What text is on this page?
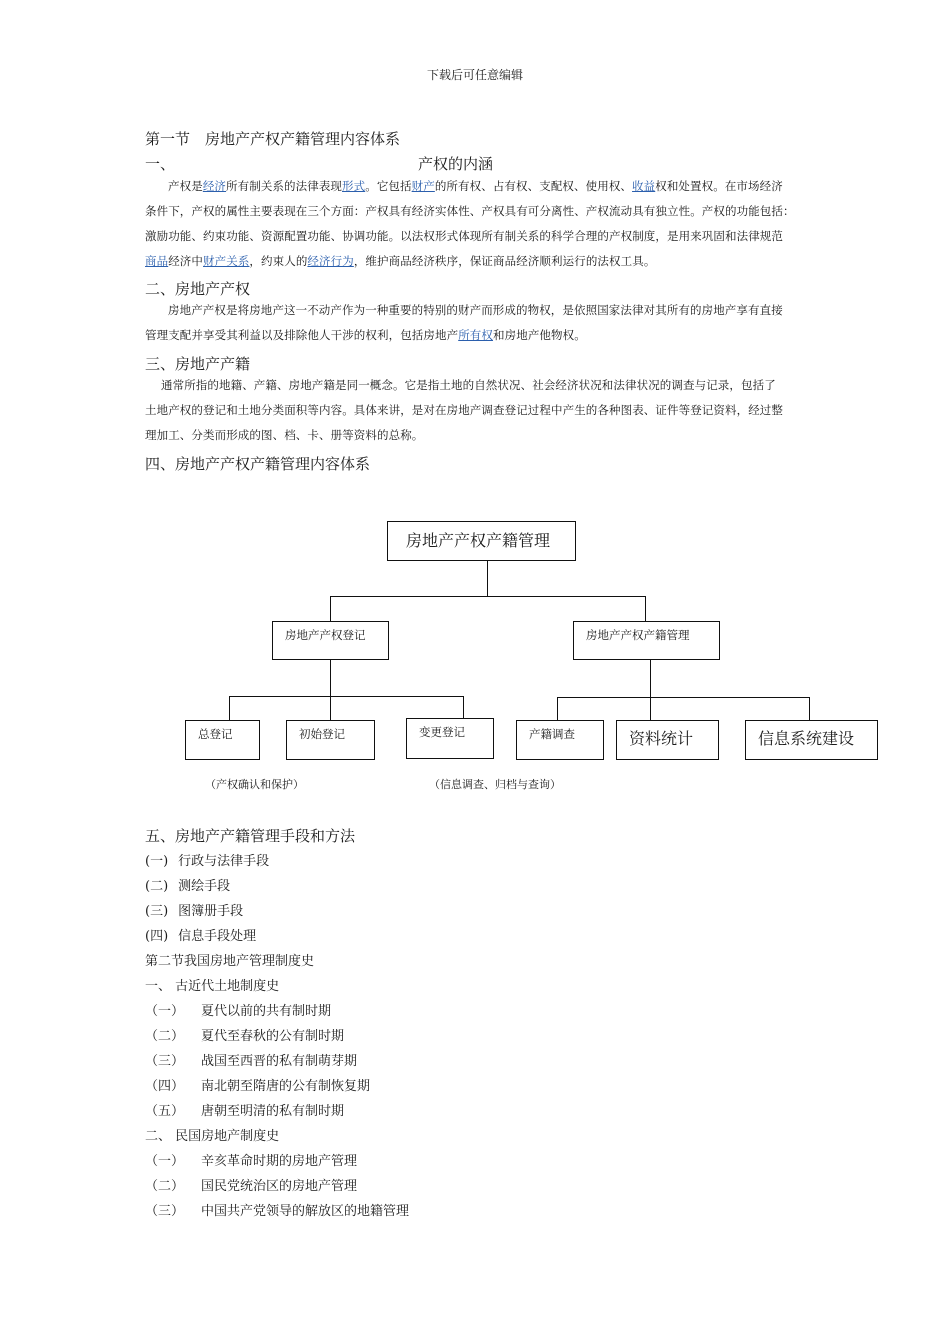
下载后可任意编辑
第一节　房地产产权产籍管理内容体系
一、	产权的内涵
产权是经济所有制关系的法律表现形式。它包括财产的所有权、占有权、支配权、使用权、收益权和处置权。在市场经济
条件下，产权的属性主要表现在三个方面：产权具有经济实体性、产权具有可分离性、产权流动具有独立性。产权的功能包括：
激励功能、约束功能、资源配置功能、协调功能。以法权形式体现所有制关系的科学合理的产权制度，是用来巩固和法律规范
商品经济中财产关系，约束人的经济行为，维护商品经济秩序，保证商品经济顺利运行的法权工具。
二、房地产产权
房地产产权是将房地产这一不动产作为一种重要的特别的财产而形成的物权，是依照国家法律对其所有的房地产享有直接
管理支配并享受其利益以及排除他人干涉的权利，包括房地产所有权和房地产他物权。
三、房地产产籍
通常所指的地籍、产籍、房地产籍是同一概念。它是指土地的自然状况、社会经济状况和法律状况的调查与记录，包括了
土地产权的登记和土地分类面积等内容。具体来讲，是对在房地产调查登记过程中产生的各种图表、证件等登记资料，经过整
理加工、分类而形成的图、档、卡、册等资料的总称。
四、房地产产权产籍管理内容体系
房地产产权产籍管理
房地产产权登记	房地产产权产籍管理
总登记	初始登记	变更登记	产籍调查	资料统计	信息系统建设
（产权确认和保护）	（信息调查、归档与查询）
五、房地产产籍管理手段和方法
(一) 行政与法律手段
(二) 测绘手段
(三) 图簿册手段
(四) 信息手段处理
第二节我国房地产管理制度史
一、 古近代土地制度史
（一） 夏代以前的共有制时期
（二） 夏代至春秋的公有制时期
（三） 战国至西晋的私有制萌芽期
（四） 南北朝至隋唐的公有制恢复期
（五） 唐朝至明清的私有制时期
二、 民国房地产制度史
（一） 辛亥革命时期的房地产管理
（二） 国民党统治区的房地产管理
（三） 中国共产党领导的解放区的地籍管理
